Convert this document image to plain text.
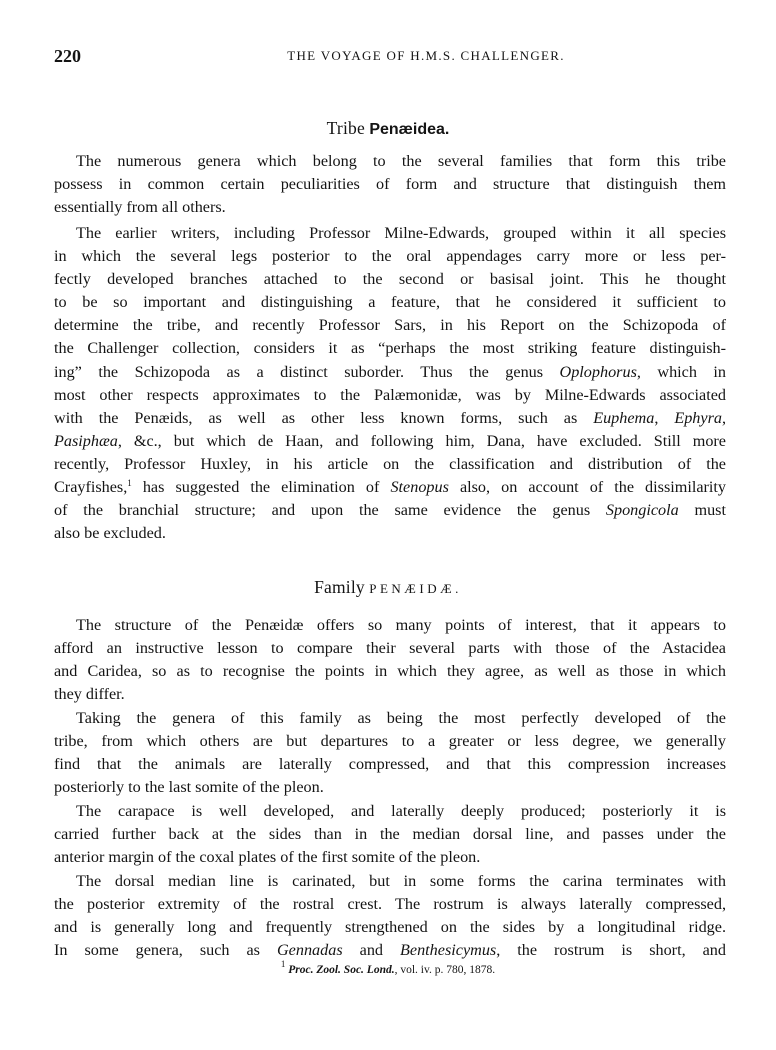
220	THE VOYAGE OF H.M.S. CHALLENGER.
Tribe Penæidea.
The numerous genera which belong to the several families that form this tribe
possess in common certain peculiarities of form and structure that distinguish them
essentially from all others.
The earlier writers, including Professor Milne-Edwards, grouped within it all species
in which the several legs posterior to the oral appendages carry more or less per-
fectly developed branches attached to the second or basisal joint. This he thought
to be so important and distinguishing a feature, that he considered it sufficient to
determine the tribe, and recently Professor Sars, in his Report on the Schizopoda of
the Challenger collection, considers it as “perhaps the most striking feature distinguish-
ing” the Schizopoda as a distinct suborder. Thus the genus Oplophorus, which in
most other respects approximates to the Palæmonidæ, was by Milne-Edwards associated
with the Penæids, as well as other less known forms, such as Euphema, Ephyra,
Pasiphæa, &c., but which de Haan, and following him, Dana, have excluded. Still more
recently, Professor Huxley, in his article on the classification and distribution of the
Crayfishes,$^1$ has suggested the elimination of Stenopus also, on account of the dissimilarity
of the branchial structure; and upon the same evidence the genus Spongicola must
also be excluded.
Family PENÆIDÆ.
The structure of the Penæidæ offers so many points of interest, that it appears to
afford an instructive lesson to compare their several parts with those of the Astacidea
and Caridea, so as to recognise the points in which they agree, as well as those in which
they differ.
Taking the genera of this family as being the most perfectly developed of the
tribe, from which others are but departures to a greater or less degree, we generally
find that the animals are laterally compressed, and that this compression increases
posteriorly to the last somite of the pleon.
The carapace is well developed, and laterally deeply produced; posteriorly it is
carried further back at the sides than in the median dorsal line, and passes under the
anterior margin of the coxal plates of the first somite of the pleon.
The dorsal median line is carinated, but in some forms the carina terminates with
the posterior extremity of the rostral crest. The rostrum is always laterally compressed,
and is generally long and frequently strengthened on the sides by a longitudinal ridge.
In some genera, such as Gennadas and Benthesicymus, the rostrum is short, and
$^1$ Proc. Zool. Soc. Lond., vol. iv. p. 780, 1878.
